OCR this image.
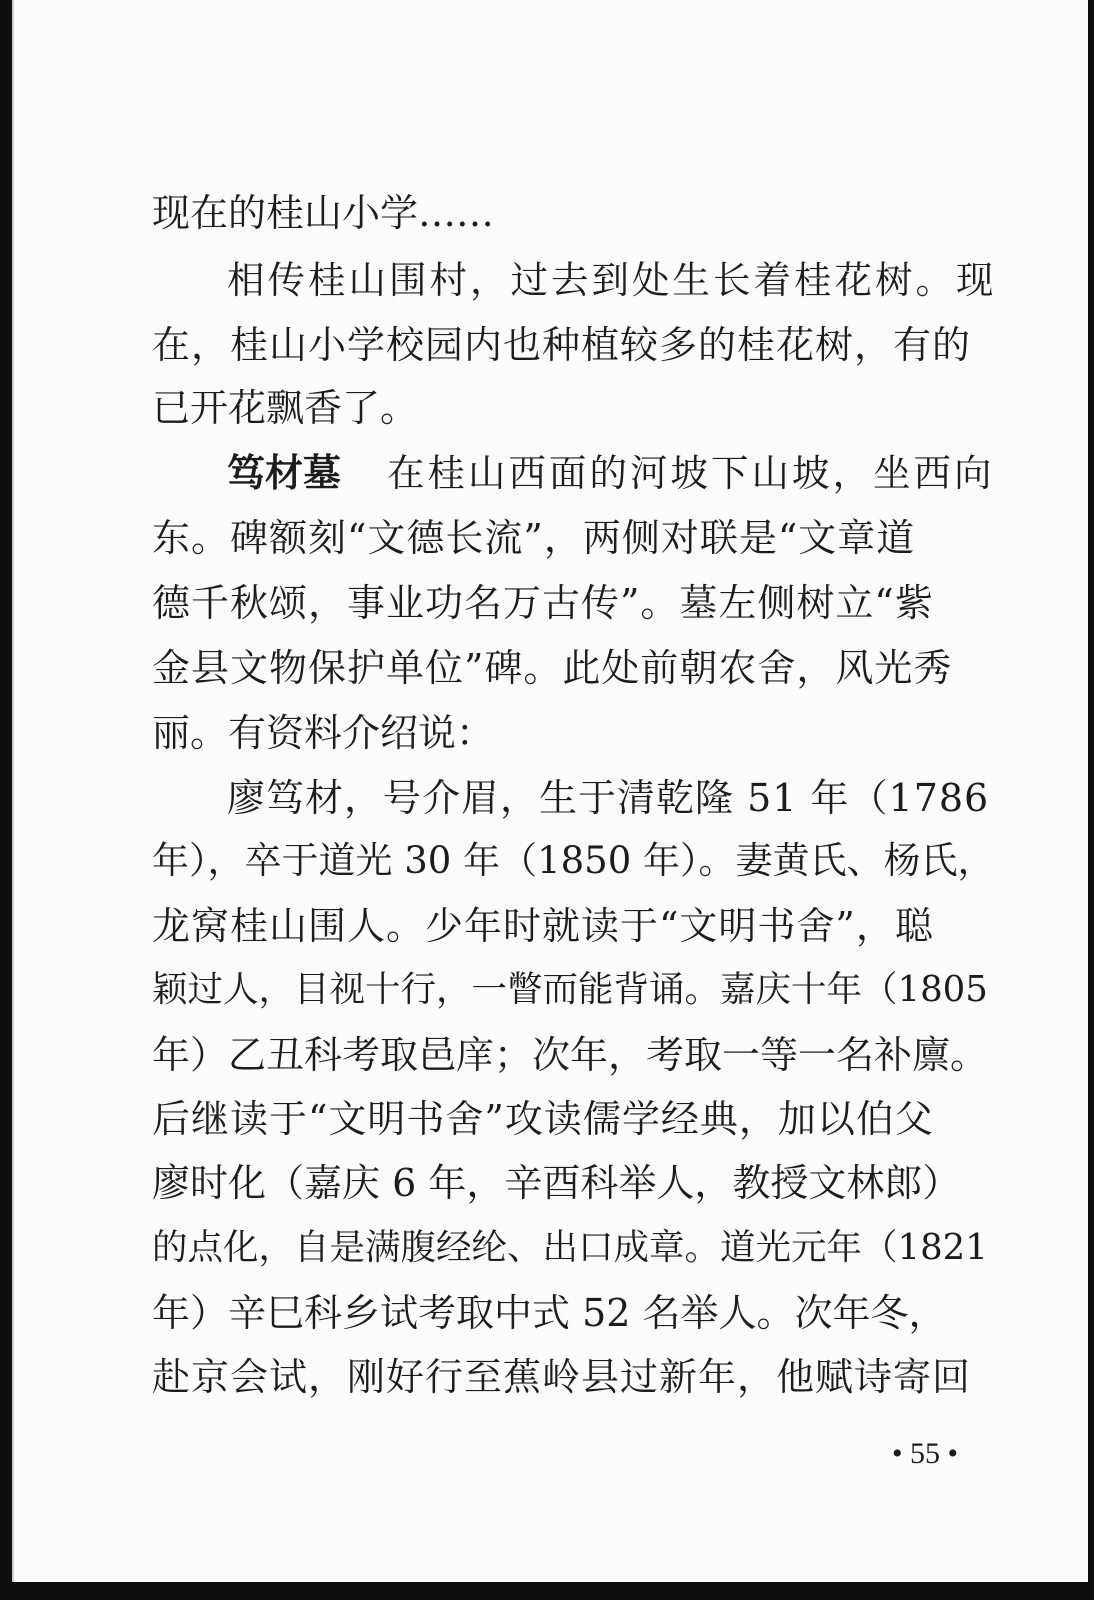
现在的桂山小学……
相传桂山围村，过去到处生长着桂花树。现
在，桂山小学校园内也种植较多的桂花树，有的
已开花飘香了。
笃材墓	在桂山西面的河坡下山坡，坐西向
东。碑额刻“文德长流”，两侧对联是“文章道
德千秋颂，事业功名万古传”。墓左侧树立“紫
金县文物保护单位”碑。此处前朝农舍，风光秀
丽。有资料介绍说：
廖笃材，号介眉，生于清乾隆 51 年（1786
年），卒于道光 30 年（1850 年）。妻黄氏、杨氏，
龙窝桂山围人。少年时就读于“文明书舍”，聪
颖过人，目视十行，一瞥而能背诵。嘉庆十年（1805
年）乙丑科考取邑庠；次年，考取一等一名补廪。
后继读于“文明书舍”攻读儒学经典，加以伯父
廖时化（嘉庆 6 年，辛酉科举人，教授文林郎）
的点化，自是满腹经纶、出口成章。道光元年（1821
年）辛巳科乡试考取中式 52 名举人。次年冬，
赴京会试，刚好行至蕉岭县过新年，他赋诗寄回
• 55 •
